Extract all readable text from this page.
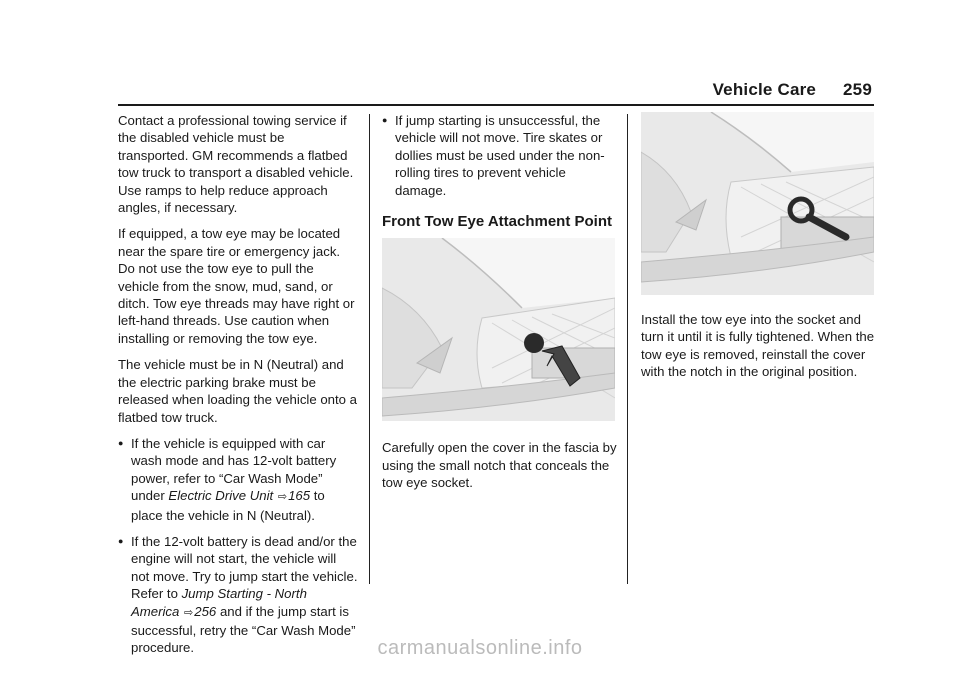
Vehicle Care 259

Contact a professional towing service if the disabled vehicle must be transported. GM recommends a flatbed tow truck to transport a disabled vehicle. Use ramps to help reduce approach angles, if necessary.

If equipped, a tow eye may be located near the spare tire or emergency jack. Do not use the tow eye to pull the vehicle from the snow, mud, sand, or ditch. Tow eye threads may have right or left-hand threads. Use caution when installing or removing the tow eye.

The vehicle must be in N (Neutral) and the electric parking brake must be released when loading the vehicle onto a flatbed tow truck.

● If the vehicle is equipped with car wash mode and has 12-volt battery power, refer to “Car Wash Mode” under Electric Drive Unit ⇨165 to place the vehicle in N (Neutral).
● If the 12-volt battery is dead and/or the engine will not start, the vehicle will not move. Try to jump start the vehicle. Refer to Jump Starting - North America ⇨256 and if the jump start is successful, retry the “Car Wash Mode” procedure.
● If jump starting is unsuccessful, the vehicle will not move. Tire skates or dollies must be used under the non-rolling tires to prevent vehicle damage.
Front Tow Eye Attachment Point

Carefully open the cover in the fascia by using the small notch that conceals the tow eye socket.

Install the tow eye into the socket and turn it until it is fully tightened. When the tow eye is removed, reinstall the cover with the notch in the original position.

carmanualsonline.info
